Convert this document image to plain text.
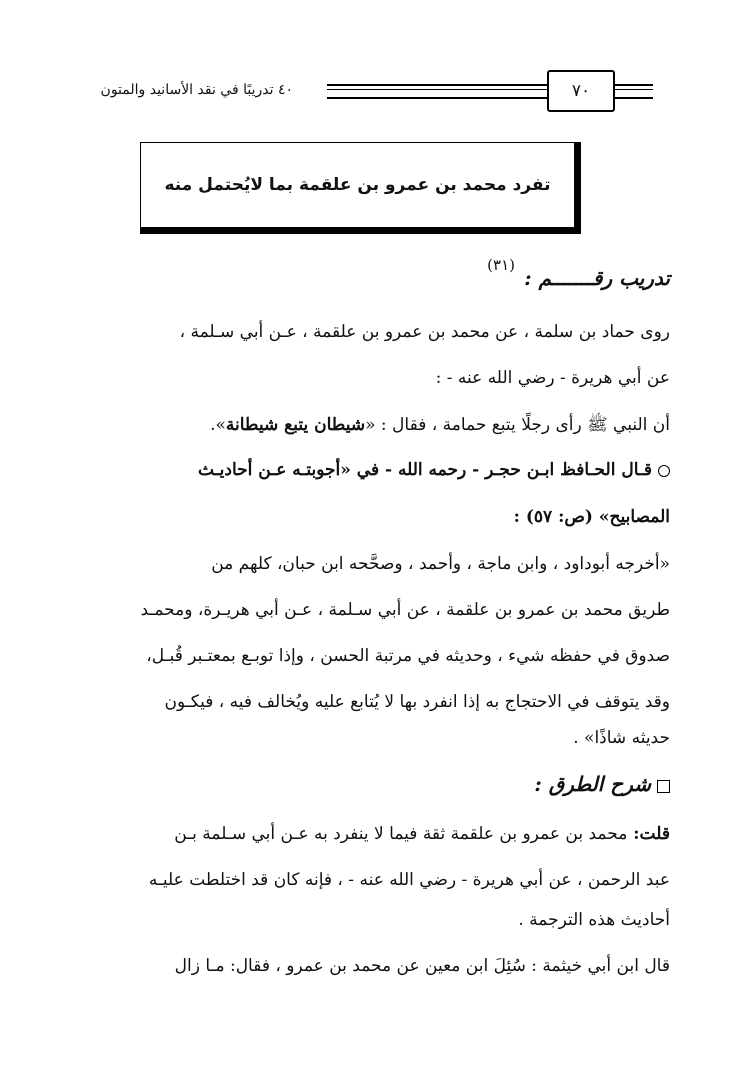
٤٠ تدريبًا في نقد الأسانيد والمتون	٧٠
تفرد محمد بن عمرو بن علقمة بما لايُحتمل منه
تدريب رقـــــــم :
(٣١)
روى حماد بن سلمة ، عن محمد بن عمرو بن علقمة ، عـن أبي سـلمة ،
عن أبي هريرة - رضي الله عنه - :
أن النبي ﷺ رأى رجلًا يتبع حمامة ، فقال : «شيطان يتبع شيطانة».
قـال الحـافظ ابـن حجـر - رحمه الله - في «أجوبتـه عـن أحاديـث
المصابيح» (ص: ٥٧) :
«أخرجه أبوداود ، وابن ماجة ، وأحمد ، وصحَّحه ابن حبان، كلهم من
طريق محمد بن عمرو بن علقمة ، عن أبي سـلمة ، عـن أبي هريـرة، ومحمـد
صدوق في حفظه شيء ، وحديثه في مرتبة الحسن ، وإذا توبـع بمعتـبر قُبـل،
وقد يتوقف في الاحتجاج به إذا انفرد بها لا يُتابع عليه ويُخالف فيه ، فيكـون
حديثه شاذًا» .
شرح الطرق :
قلت: محمد بن عمرو بن علقمة ثقة فيما لا ينفرد به عـن أبي سـلمة بـن
عبد الرحمن ، عن أبي هريرة - رضي الله عنه - ، فإنه كان قد اختلطت عليـه
أحاديث هذه الترجمة .
قال ابن أبي خيثمة : سُئِلَ ابن معين عن محمد بن عمرو ، فقال: مـا زال
